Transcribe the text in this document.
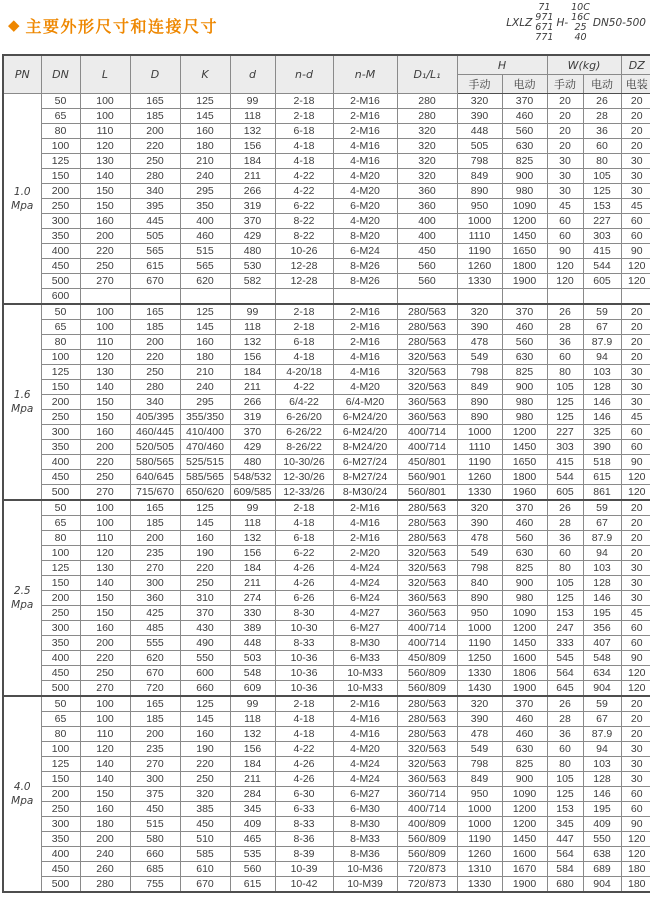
◆ 主要外形尺寸和连接尺寸	LXLZ
71
971
671
771
H-
10C
16C
25
40
DN50-500
PN	DN	L	D	K	d	n-d	n-M	D₁/L₁	H		W(kg)		DZ
									手动	电动	手动	电动	电装

1.0
Mpa	50	100	165	125	99	2-18	2-M16	280	320	370	20	26	20
	65	100	185	145	118	2-18	2-M16	280	390	460	20	28	20
	80	110	200	160	132	6-18	2-M16	320	448	560	20	36	20
	100	120	220	180	156	4-18	4-M16	320	505	630	20	60	20
	125	130	250	210	184	4-18	4-M16	320	798	825	30	80	30
	150	140	280	240	211	4-22	4-M20	320	849	900	30	105	30
	200	150	340	295	266	4-22	4-M20	360	890	980	30	125	30
	250	150	395	350	319	6-22	6-M20	360	950	1090	45	153	45
	300	160	445	400	370	8-22	4-M20	400	1000	1200	60	227	60
	350	200	505	460	429	8-22	8-M20	400	1110	1450	60	303	60
	400	220	565	515	480	10-26	6-M24	450	1190	1650	90	415	90
	450	250	615	565	530	12-28	8-M26	560	1260	1800	120	544	120
	500	270	670	620	582	12-28	8-M26	560	1330	1900	120	605	120
	600												

1.6
Mpa	50	100	165	125	99	2-18	2-M16	280/563	320	370	26	59	20
	65	100	185	145	118	2-18	2-M16	280/563	390	460	28	67	20
	80	110	200	160	132	6-18	2-M16	280/563	478	560	36	87.9	20
	100	120	220	180	156	4-18	4-M16	320/563	549	630	60	94	20
	125	130	250	210	184	4-20/18	4-M16	320/563	798	825	80	103	30
	150	140	280	240	211	4-22	4-M20	320/563	849	900	105	128	30
	200	150	340	295	266	6/4-22	6/4-M20	360/563	890	980	125	146	30
	250	150	405/395	355/350	319	6-26/20	6-M24/20	360/563	890	980	125	146	45
	300	160	460/445	410/400	370	6-26/22	6-M24/20	400/714	1000	1200	227	325	60
	350	200	520/505	470/460	429	8-26/22	8-M24/20	400/714	1110	1450	303	390	60
	400	220	580/565	525/515	480	10-30/26	6-M27/24	450/801	1190	1650	415	518	90
	450	250	640/645	585/565	548/532	12-30/26	8-M27/24	560/901	1260	1800	544	615	120
	500	270	715/670	650/620	609/585	12-33/26	8-M30/24	560/801	1330	1960	605	861	120

2.5
Mpa	50	100	165	125	99	2-18	2-M16	280/563	320	370	26	59	20
	65	100	185	145	118	4-18	4-M16	280/563	390	460	28	67	20
	80	110	200	160	132	6-18	2-M16	280/563	478	560	36	87.9	20
	100	120	235	190	156	6-22	2-M20	320/563	549	630	60	94	20
	125	130	270	220	184	4-26	4-M24	320/563	798	825	80	103	30
	150	140	300	250	211	4-26	4-M24	320/563	840	900	105	128	30
	200	150	360	310	274	6-26	6-M24	360/563	890	980	125	146	30
	250	150	425	370	330	8-30	4-M27	360/563	950	1090	153	195	45
	300	160	485	430	389	10-30	6-M27	400/714	1000	1200	247	356	60
	350	200	555	490	448	8-33	8-M30	400/714	1190	1450	333	407	60
	400	220	620	550	503	10-36	6-M33	450/809	1250	1600	545	548	90
	450	250	670	600	548	10-36	10-M33	560/809	1330	1806	564	634	120
	500	270	720	660	609	10-36	10-M33	560/809	1430	1900	645	904	120

4.0
Mpa	50	100	165	125	99	2-18	2-M16	280/563	320	370	26	59	20
	65	100	185	145	118	4-18	4-M16	280/563	390	460	28	67	20
	80	110	200	160	132	4-18	4-M16	280/563	478	460	36	87.9	20
	100	120	235	190	156	4-22	4-M20	320/563	549	630	60	94	30
	125	140	270	220	184	4-26	4-M24	320/563	798	825	80	103	30
	150	140	300	250	211	4-26	4-M24	360/563	849	900	105	128	30
	200	150	375	320	284	6-30	6-M27	360/714	950	1090	125	146	60
	250	160	450	385	345	6-33	6-M30	400/714	1000	1200	153	195	60
	300	180	515	450	409	8-33	8-M30	400/809	1000	1200	345	409	90
	350	200	580	510	465	8-36	8-M33	560/809	1190	1450	447	550	120
	400	240	660	585	535	8-39	8-M36	560/809	1260	1600	564	638	120
	450	260	685	610	560	10-39	10-M36	720/873	1310	1670	584	689	180
	500	280	755	670	615	10-42	10-M39	720/873	1330	1900	680	904	180
